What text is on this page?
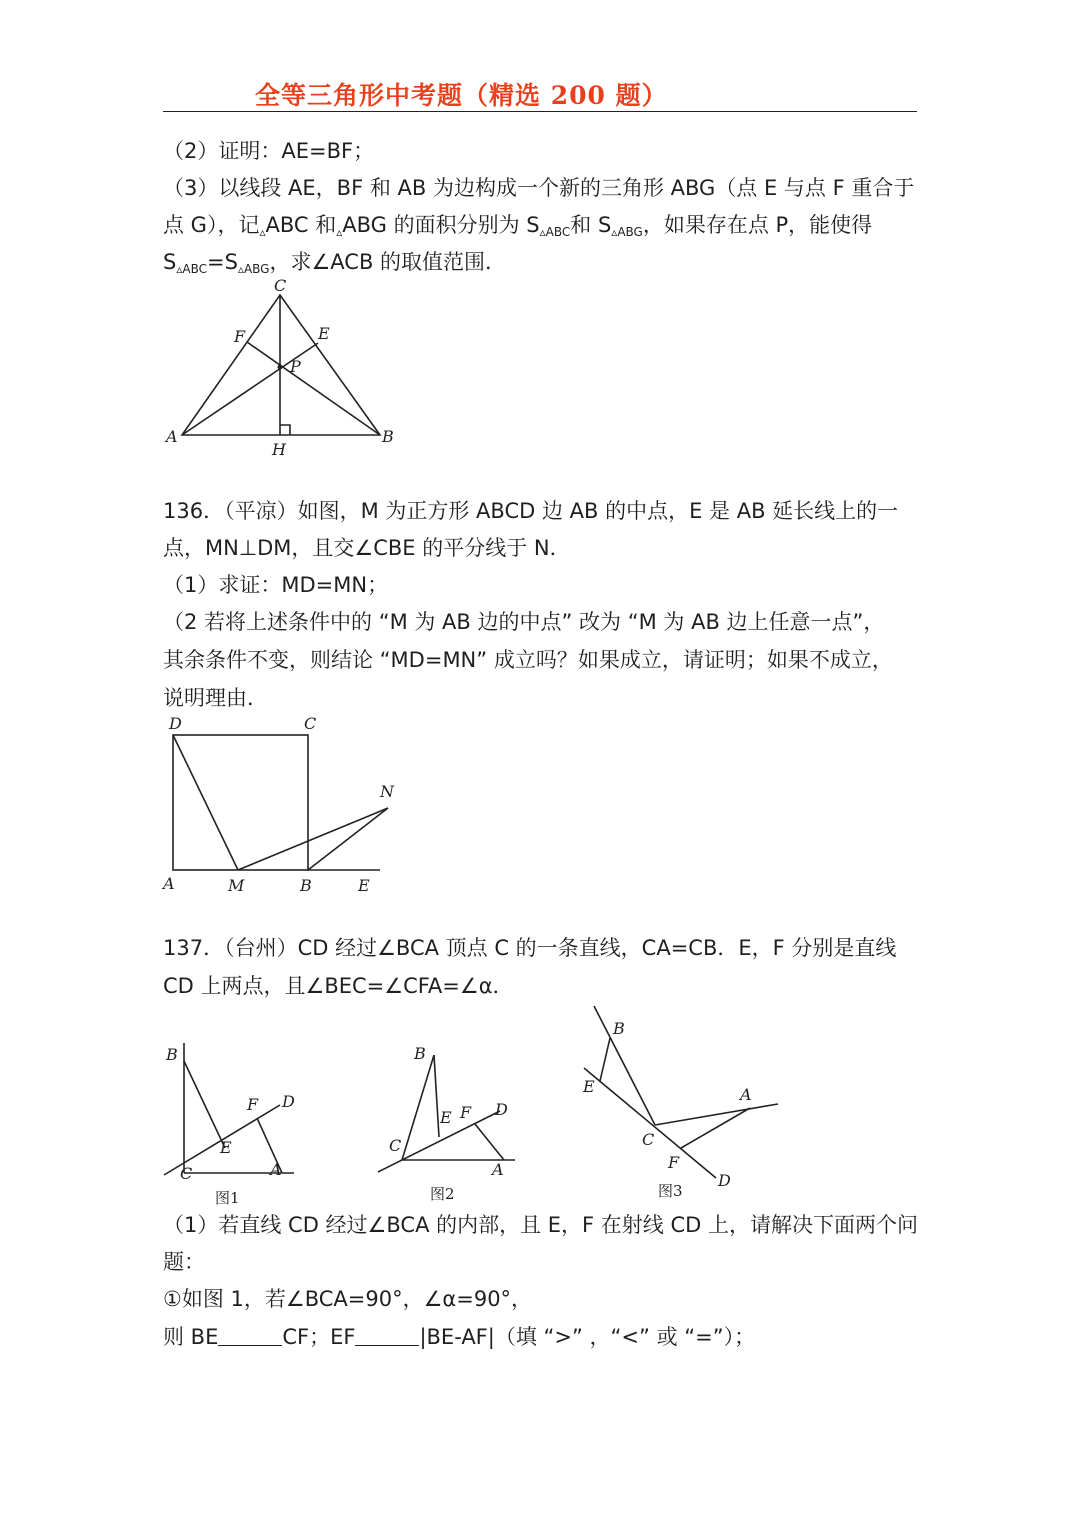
全等三角形中考题（精选 200 题）
（2）证明：AE=BF；
（3）以线段 AE，BF 和 AB 为边构成一个新的三角形 ABG（点 E 与点 F 重合于
点 G），记$_▵$ABC 和$_▵$ABG 的面积分别为 $S_{▵ABC}$和 $S_{▵ABG}$，如果存在点 P，能使得
$S_{▵ABC}=S_{▵ABG}$，求∠ACB 的取值范围．
C
F	E
P
A	B
H
136．（平凉）如图，M 为正方形 ABCD 边 AB 的中点，E 是 AB 延长线上的一
点，MN⊥DM，且交∠CBE 的平分线于 N．
（1）求证：MD=MN；
（2 若将上述条件中的 “M 为 AB 边的中点” 改为 “M 为 AB 边上任意一点”，
其余条件不变，则结论 “MD=MN” 成立吗？如果成立，请证明；如果不成立，
说明理由．
D	C
N
A	M	B	E
137．（台州）CD 经过∠BCA 顶点 C 的一条直线，CA=CB．E，F 分别是直线
CD 上两点，且∠BEC=∠CFA=∠α．
B
F D
E
C	A
图1
B
E F D
C
A
图2
B
E	A
C
F
D
图3
（1）若直线 CD 经过∠BCA 的内部，且 E，F 在射线 CD 上，请解决下面两个问
题：
①如图 1，若∠BCA=90°，∠α=90°，
则 BE	CF；EF	|BE-AF|（填 “>” ，“<” 或 “=”）；
